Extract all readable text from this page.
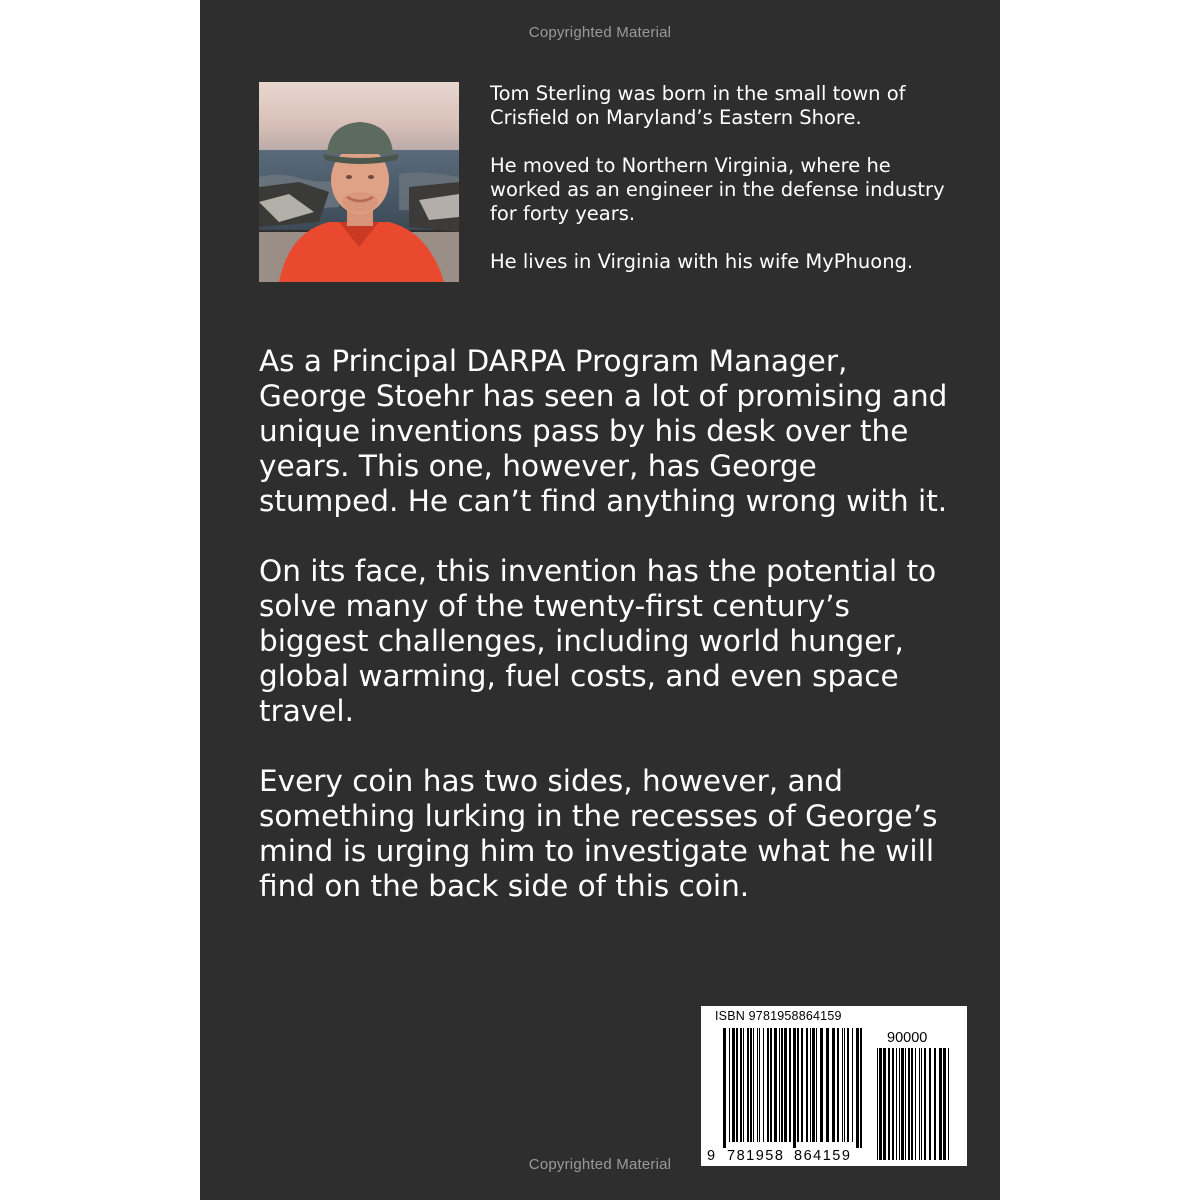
Copyrighted Material

Tom Sterling was born in the small town of Crisfield on Maryland’s Eastern Shore.

He moved to Northern Virginia, where he worked as an engineer in the defense industry for forty years.

He lives in Virginia with his wife MyPhuong.

As a Principal DARPA Program Manager, George Stoehr has seen a lot of promising and unique inventions pass by his desk over the years. This one, however, has George stumped. He can’t find anything wrong with it.

On its face, this invention has the potential to solve many of the twenty-first century’s biggest challenges, including world hunger, global warming, fuel costs, and even space travel.

Every coin has two sides, however, and something lurking in the recesses of George’s mind is urging him to investigate what he will find on the back side of this coin.

ISBN 9781958864159
90000
9 781958 864159
Copyrighted Material
